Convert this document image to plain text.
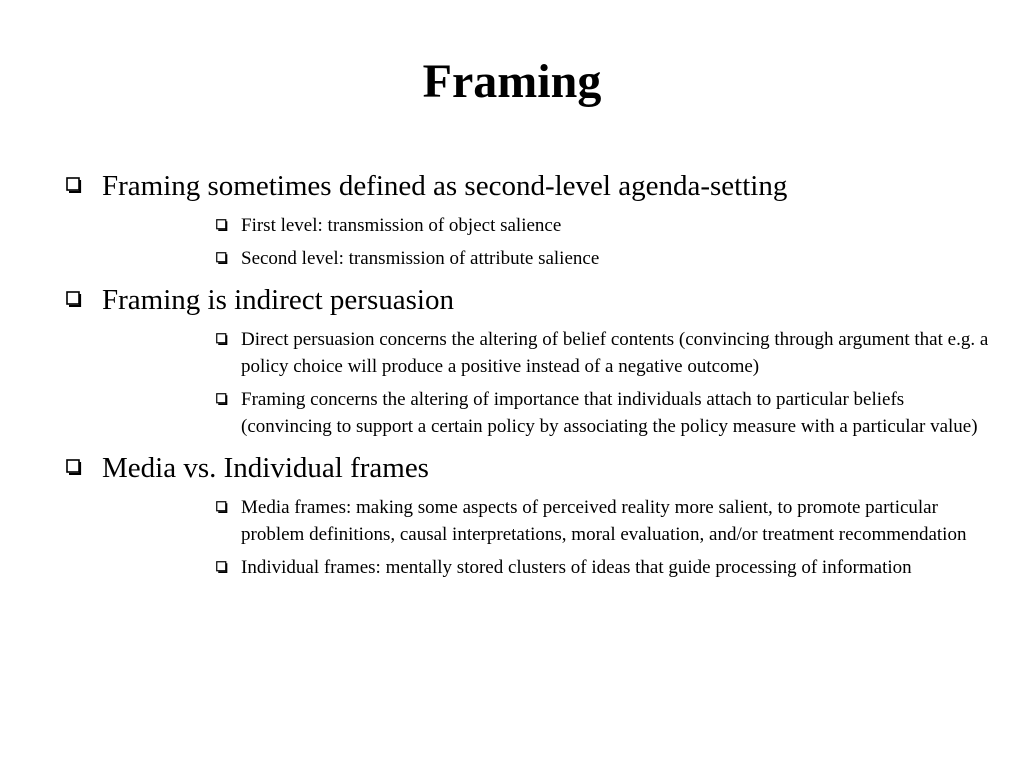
Framing
Framing sometimes defined as second-level agenda-setting
First level: transmission of object salience
Second level: transmission of attribute salience
Framing is indirect persuasion
Direct persuasion concerns the altering of belief contents (convincing through argument that e.g. a policy choice will produce a positive instead of a negative outcome)
Framing concerns the altering of importance that individuals attach to particular beliefs (convincing to support a certain policy by associating the policy measure with a particular value)
Media vs. Individual frames
Media frames: making some aspects of perceived reality more salient, to promote particular problem definitions, causal interpretations, moral evaluation, and/or treatment recommendation
Individual frames: mentally stored clusters of ideas that guide processing of information
